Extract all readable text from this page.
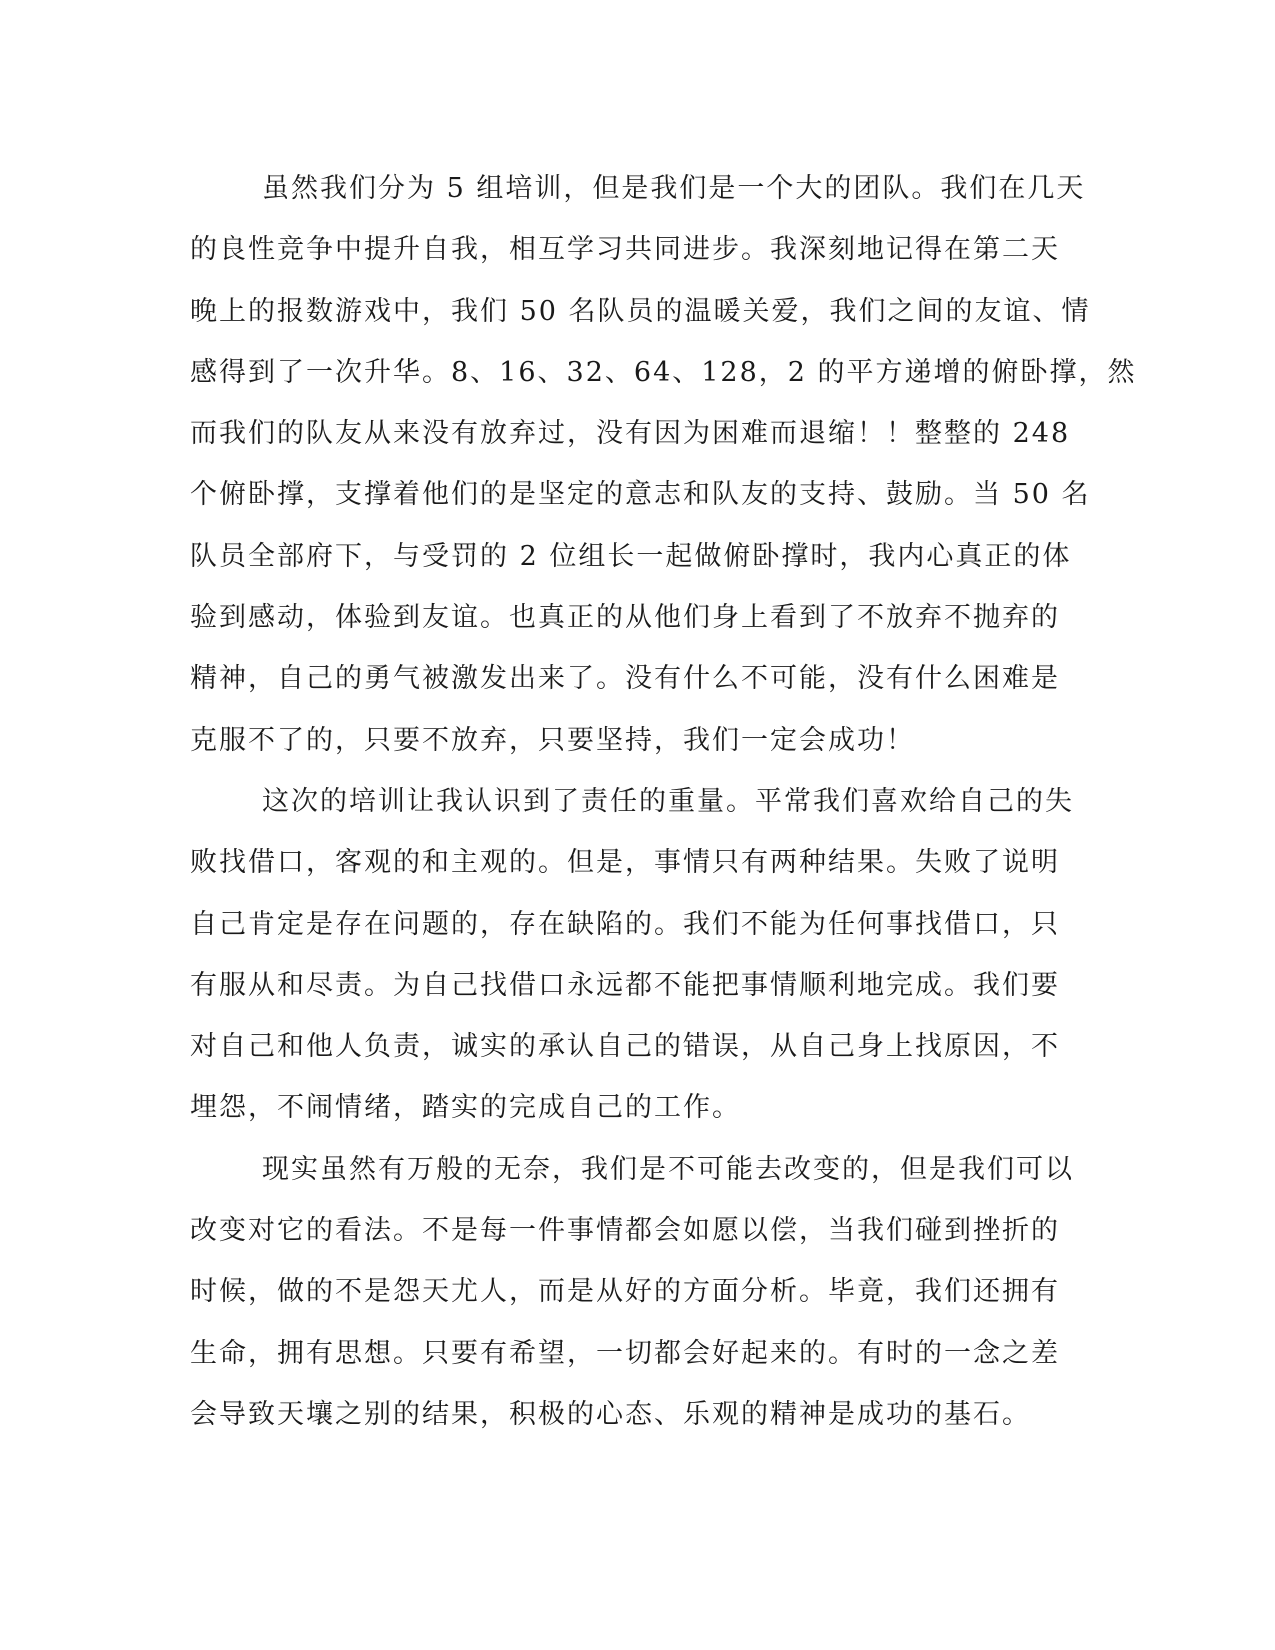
虽然我们分为 5 组培训，但是我们是一个大的团队。我们在几天
的良性竞争中提升自我，相互学习共同进步。我深刻地记得在第二天
晚上的报数游戏中，我们 50 名队员的温暖关爱，我们之间的友谊、情
感得到了一次升华。8、16、32、64、128，2 的平方递增的俯卧撑，然
而我们的队友从来没有放弃过，没有因为困难而退缩！！整整的 248
个俯卧撑，支撑着他们的是坚定的意志和队友的支持、鼓励。当 50 名
队员全部府下，与受罚的 2 位组长一起做俯卧撑时，我内心真正的体
验到感动，体验到友谊。也真正的从他们身上看到了不放弃不抛弃的
精神，自己的勇气被激发出来了。没有什么不可能，没有什么困难是
克服不了的，只要不放弃，只要坚持，我们一定会成功！

这次的培训让我认识到了责任的重量。平常我们喜欢给自己的失
败找借口，客观的和主观的。但是，事情只有两种结果。失败了说明
自己肯定是存在问题的，存在缺陷的。我们不能为任何事找借口，只
有服从和尽责。为自己找借口永远都不能把事情顺利地完成。我们要
对自己和他人负责，诚实的承认自己的错误，从自己身上找原因，不
埋怨，不闹情绪，踏实的完成自己的工作。

现实虽然有万般的无奈，我们是不可能去改变的，但是我们可以
改变对它的看法。不是每一件事情都会如愿以偿，当我们碰到挫折的
时候，做的不是怨天尤人，而是从好的方面分析。毕竟，我们还拥有
生命，拥有思想。只要有希望，一切都会好起来的。有时的一念之差
会导致天壤之别的结果，积极的心态、乐观的精神是成功的基石。
